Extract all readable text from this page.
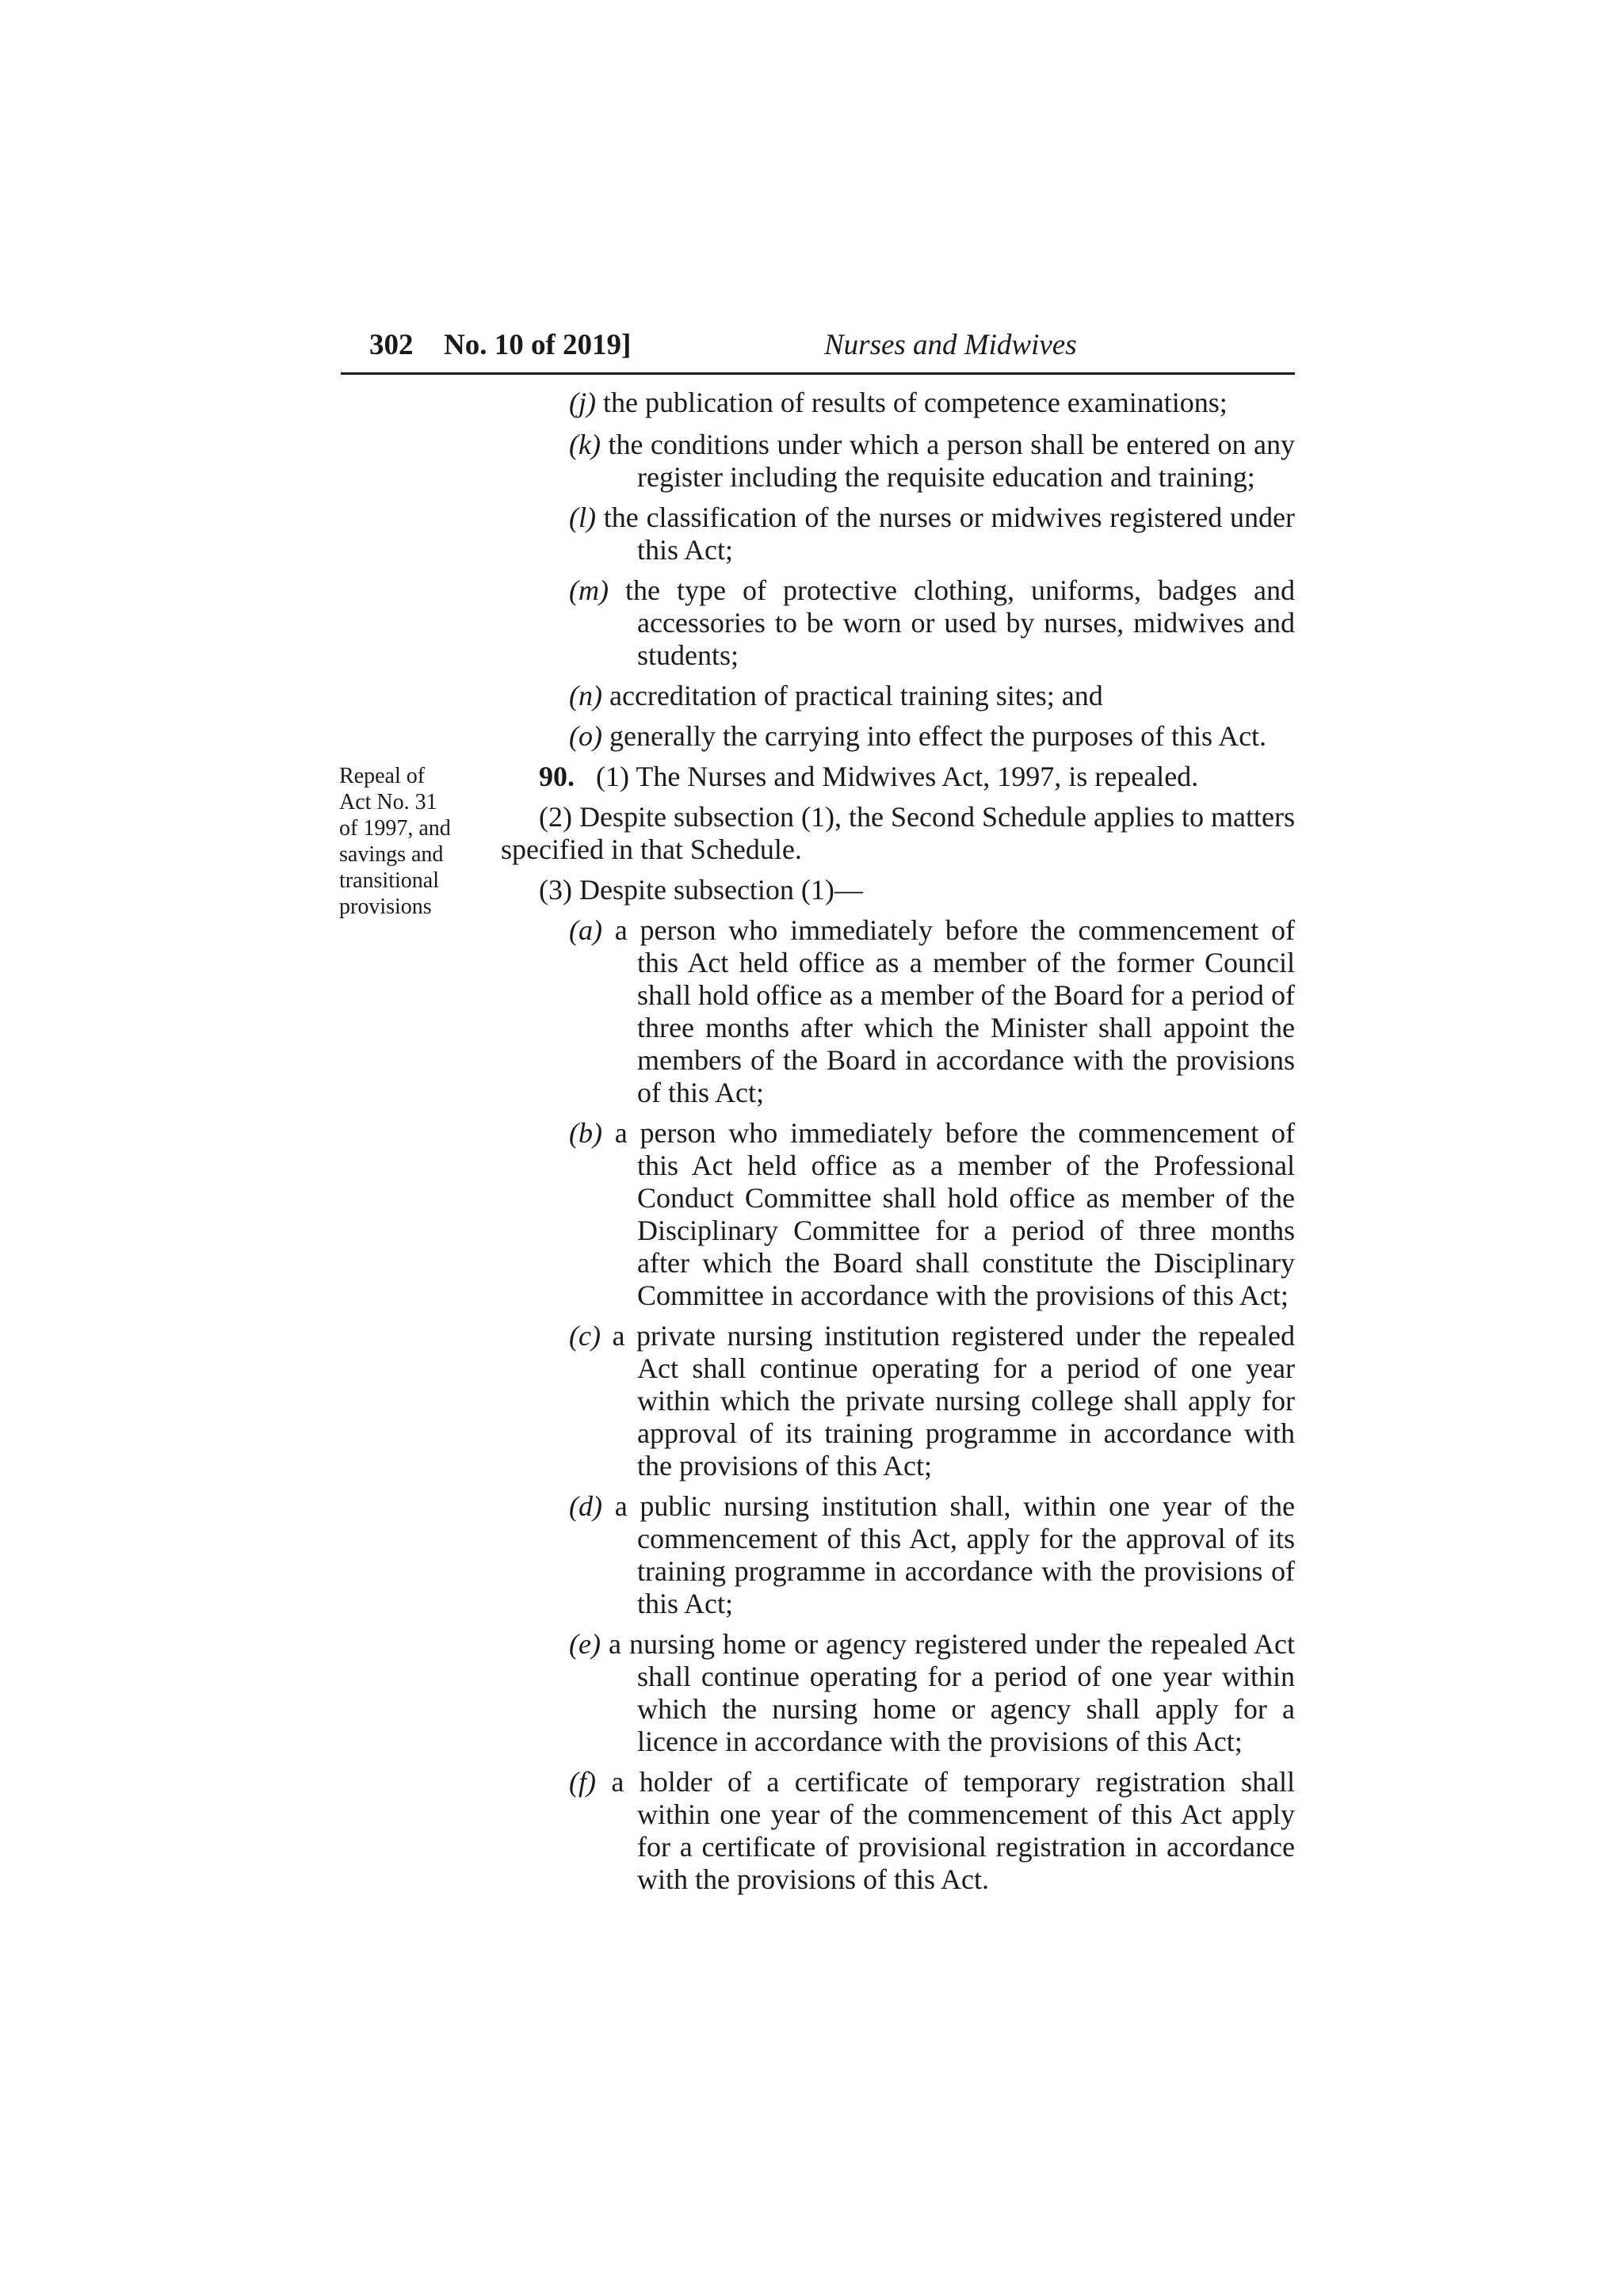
302 No. 10 of 2019]	Nurses and Midwives
Repeal of
Act No. 31
of 1997, and
savings and
transitional
provisions
(j) the publication of results of competence examinations;
(k) the conditions under which a person shall be entered on any register including the requisite education and training;
(l) the classification of the nurses or midwives registered under this Act;
(m) the type of protective clothing, uniforms, badges and accessories to be worn or used by nurses, midwives and students;
(n) accreditation of practical training sites; and
(o) generally the carrying into effect the purposes of this Act.
90. (1) The Nurses and Midwives Act, 1997, is repealed.
(2) Despite subsection (1), the Second Schedule applies to matters specified in that Schedule.
(3) Despite subsection (1)—
(a) a person who immediately before the commencement of this Act held office as a member of the former Council shall hold office as a member of the Board for a period of three months after which the Minister shall appoint the members of the Board in accordance with the provisions of this Act;
(b) a person who immediately before the commencement of this Act held office as a member of the Professional Conduct Committee shall hold office as member of the Disciplinary Committee for a period of three months after which the Board shall constitute the Disciplinary Committee in accordance with the provisions of this Act;
(c) a private nursing institution registered under the repealed Act shall continue operating for a period of one year within which the private nursing college shall apply for approval of its training programme in accordance with the provisions of this Act;
(d) a public nursing institution shall, within one year of the commencement of this Act, apply for the approval of its training programme in accordance with the provisions of this Act;
(e) a nursing home or agency registered under the repealed Act shall continue operating for a period of one year within which the nursing home or agency shall apply for a licence in accordance with the provisions of this Act;
(f) a holder of a certificate of temporary registration shall within one year of the commencement of this Act apply for a certificate of provisional registration in accordance with the provisions of this Act.
